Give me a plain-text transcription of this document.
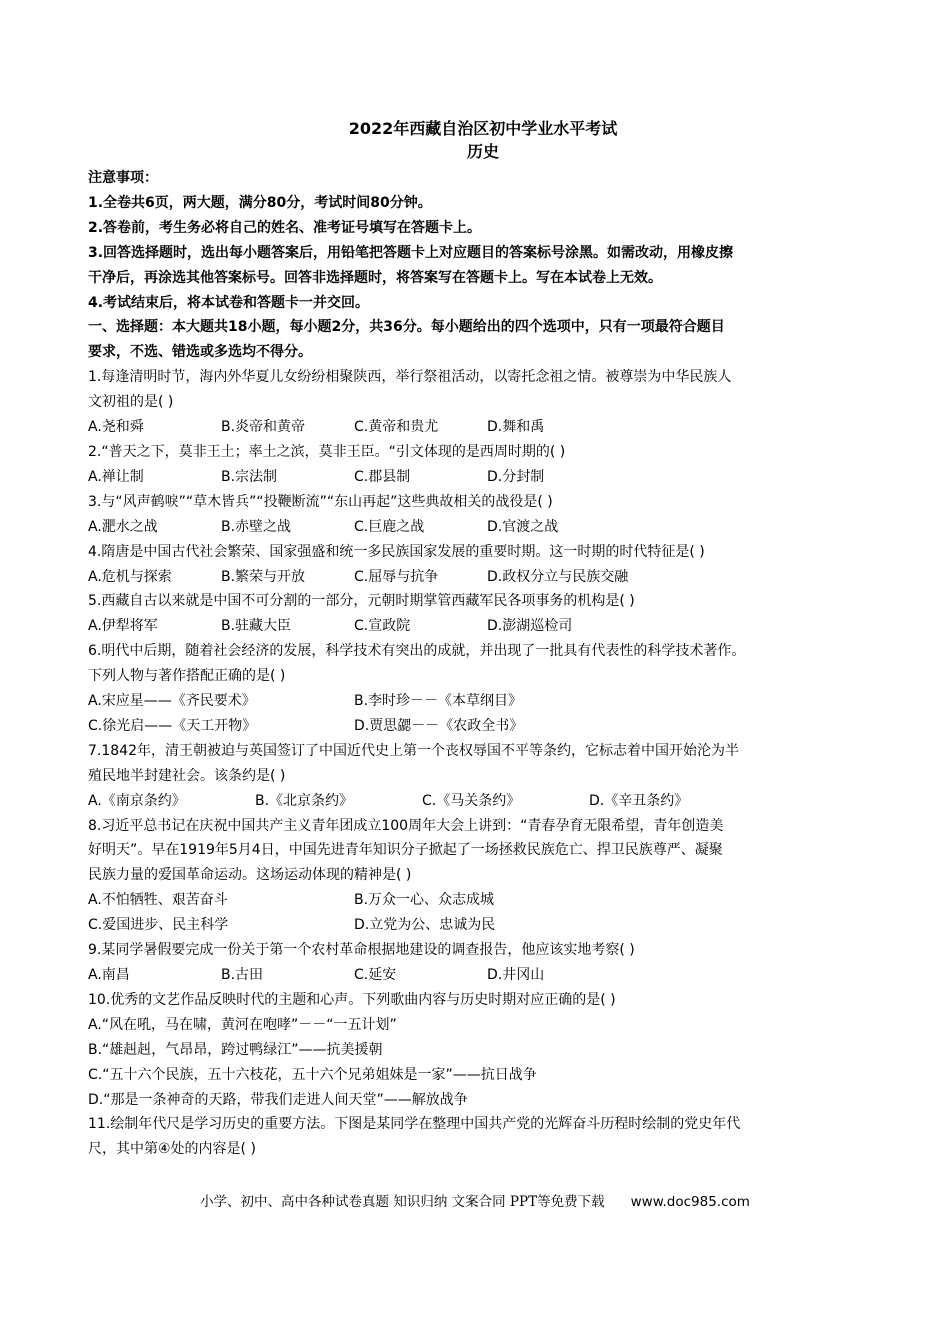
2022年西藏自治区初中学业水平考试
历史
注意事项：
1.全卷共6页，两大题，满分80分，考试时间80分钟。
2.答卷前，考生务必将自己的姓名、准考证号填写在答题卡上。
3.回答选择题时，选出每小题答案后，用铅笔把答题卡上对应题目的答案标号涂黑。如需改动，用橡皮擦
干净后，再涂选其他答案标号。回答非选择题时，将答案写在答题卡上。写在本试卷上无效。
4.考试结束后，将本试卷和答题卡一并交回。
一、选择题：本大题共18小题，每小题2分，共36分。每小题给出的四个选项中，只有一项最符合题目
要求，不选、错选或多选均不得分。
1.每逢清明时节，海内外华夏儿女纷纷相聚陕西，举行祭祖活动，以寄托念祖之情。被尊崇为中华民族人
文初祖的是( )
A.尧和舜	B.炎帝和黄帝	C.黄帝和贵尤	D.舞和禹
2.“普天之下，莫非王土；率土之滨，莫非王臣。“引文体现的是西周时期的( )
A.禅让制	B.宗法制	C.郡县制	D.分封制
3.与“风声鹤唳”“草木皆兵”“投鞭断流”“东山再起”这些典故相关的战役是( )
A.淝水之战	B.赤壁之战	C.巨鹿之战	D.官渡之战
4.隋唐是中国古代社会繁荣、国家强盛和统一多民族国家发展的重要时期。这一时期的时代特征是( )
A.危机与探索	B.繁荣与开放	C.屈辱与抗争	D.政权分立与民族交融
5.西藏自古以来就是中国不可分割的一部分，元朝时期掌管西藏军民各项事务的机构是( )
A.伊犁将军	B.驻藏大臣	C.宣政院	D.澎湖巡检司
6.明代中后期，随着社会经济的发展，科学技术有突出的成就，并出现了一批具有代表性的科学技术著作。
下列人物与著作搭配正确的是( )
A.宋应星——《齐民要术》	B.李时珍－－《本草纲目》
C.徐光启——《天工开物》	D.贾思勰－－《农政全书》
7.1842年，清王朝被迫与英国签订了中国近代史上第一个丧权辱国不平等条约，它标志着中国开始沦为半
殖民地半封建社会。该条约是( )
A.《南京条约》	B.《北京条约》	C.《马关条约》	D.《辛丑条约》
8.习近平总书记在庆祝中国共产主义青年团成立100周年大会上讲到：“青春孕育无限希望，青年创造美
好明天”。早在1919年5月4日，中国先进青年知识分子掀起了一场拯救民族危亡、捍卫民族尊严、凝聚
民族力量的爱国革命运动。这场运动体现的精神是( )
A.不怕牺牲、艰苦奋斗	B.万众一心、众志成城
C.爱国进步、民主科学	D.立党为公、忠诚为民
9.某同学暑假要完成一份关于第一个农村革命根据地建设的调查报告，他应该实地考察( )
A.南昌	B.古田	C.延安	D.井冈山
10.优秀的文艺作品反映时代的主题和心声。下列歌曲内容与历史时期对应正确的是( )
A.“风在吼，马在啸，黄河在咆哮”－－“一五计划”
B.“雄赳赳，气昂昂，跨过鸭绿江”——抗美援朝
C.“五十六个民族，五十六枝花，五十六个兄弟姐妹是一家”——抗日战争
D.“那是一条神奇的天路，带我们走进人间天堂”——解放战争
11.绘制年代尺是学习历史的重要方法。下图是某同学在整理中国共产党的光辉奋斗历程时绘制的党史年代
尺，其中第④处的内容是( )
小学、初中、高中各种试卷真题 知识归纳 文案合同 PPT等免费下载 www.doc985.com
